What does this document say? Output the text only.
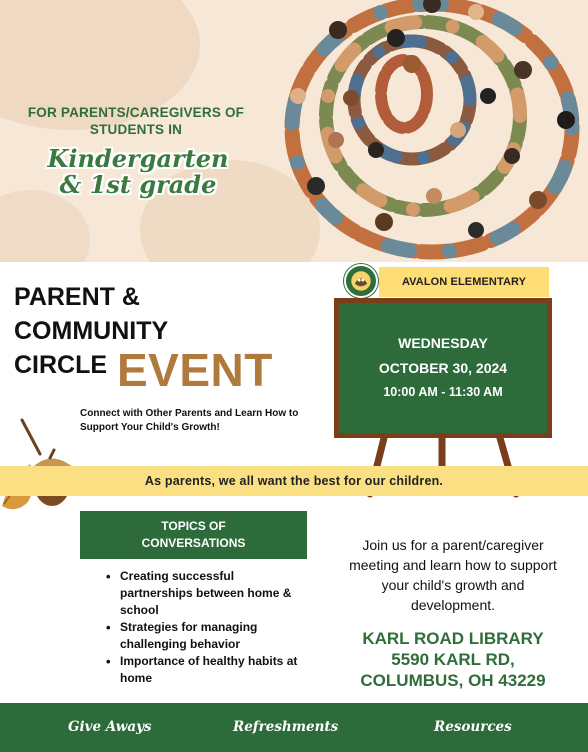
FOR PARENTS/CAREGIVERS OF STUDENTS IN
Kindergarten
& 1st grade
AVALON ELEMENTARY
WEDNESDAY
OCTOBER 30, 2024
10:00 AM - 11:30 AM
PARENT &
COMMUNITY
CIRCLE EVENT
Connect with Other Parents and Learn How to Support Your Child's Growth!
As parents, we all want the best for our children.
TOPICS OF
CONVERSATIONS
• Creating successful partnerships between home & school
• Strategies for managing challenging behavior
• Importance of healthy habits at home
Join us for a parent/caregiver meeting and learn how to support your child's growth and development.
KARL ROAD LIBRARY
5590 KARL RD,
COLUMBUS, OH 43229
Give Aways	Refreshments	Resources
